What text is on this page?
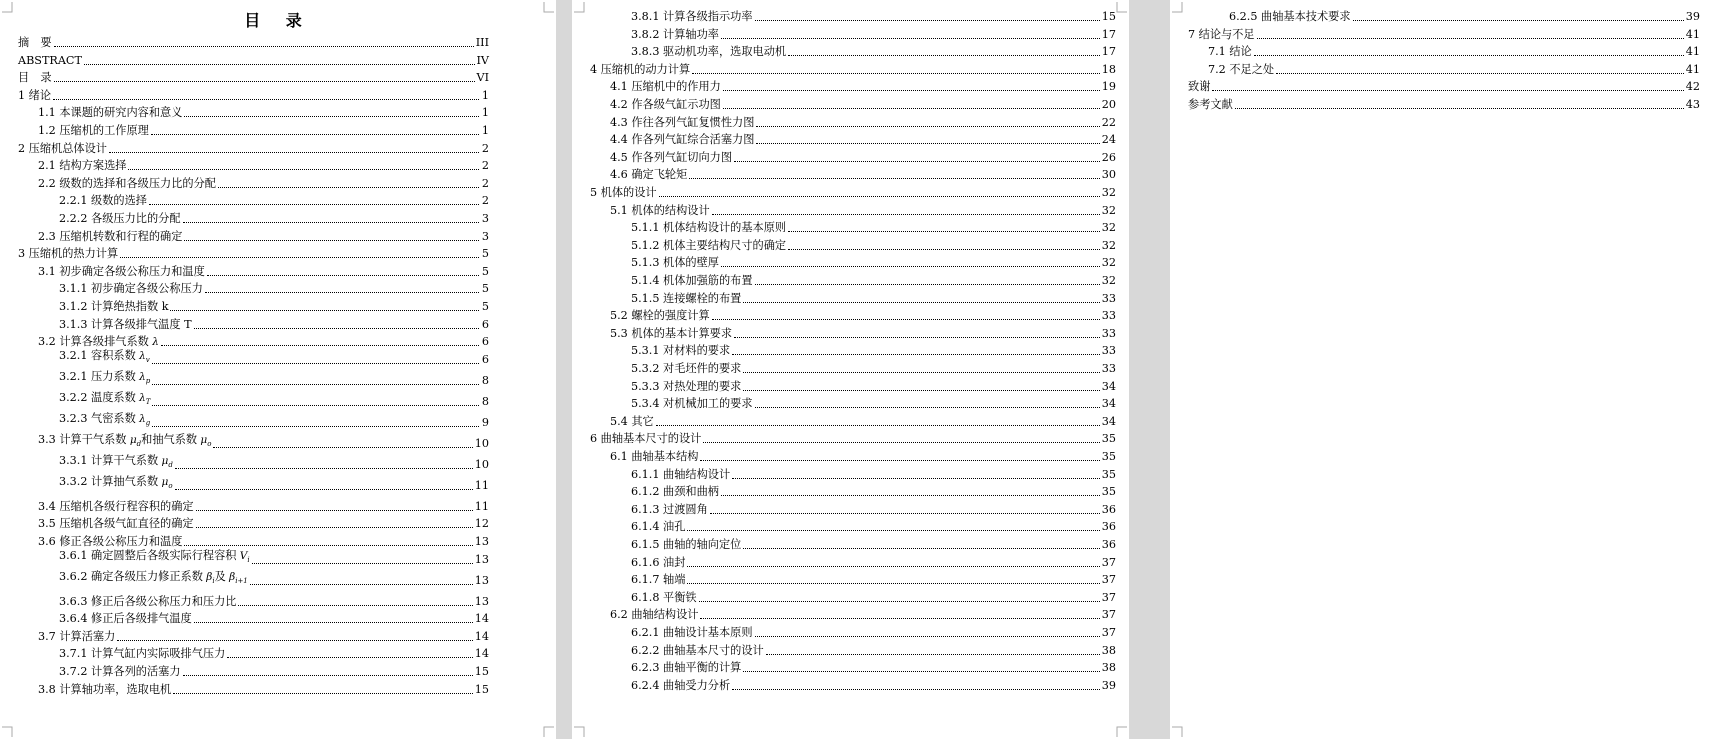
目 录
摘　要	III
ABSTRACT	IV
目　录	VI
1 绪论	1
1.1 本课题的研究内容和意义	1
1.2 压缩机的工作原理	1
2 压缩机总体设计	2
2.1 结构方案选择	2
2.2 级数的选择和各级压力比的分配	2
2.2.1 级数的选择	2
2.2.2 各级压力比的分配	3
2.3 压缩机转数和行程的确定	3
3 压缩机的热力计算	5
3.1 初步确定各级公称压力和温度	5
3.1.1 初步确定各级公称压力	5
3.1.2 计算绝热指数 k	5
3.1.3 计算各级排气温度 T	6
3.2 计算各级排气系数 λ	6
3.2.1 容积系数 $\lambda_v$	6
3.2.1 压力系数 $\lambda_p$	8
3.2.2 温度系数 $\lambda_T$	8
3.2.3 气密系数 $\lambda_g$	9
3.3 计算干气系数 $\mu_d$和抽气系数 $\mu_o$	10
3.3.1 计算干气系数 $\mu_d$	10
3.3.2 计算抽气系数 $\mu_o$	11
3.4 压缩机各级行程容积的确定	11
3.5 压缩机各级气缸直径的确定	12
3.6 修正各级公称压力和温度	13
3.6.1 确定圆整后各级实际行程容积 $V_i$	13
3.6.2 确定各级压力修正系数 $\beta_i$及 $\beta_{i+1}$	13
3.6.3 修正后各级公称压力和压力比	13
3.6.4 修正后各级排气温度	14
3.7 计算活塞力	14
3.7.1 计算气缸内实际吸排气压力	14
3.7.2 计算各列的活塞力	15
3.8 计算轴功率，选取电机	15
3.8.1 计算各级指示功率	15
3.8.2 计算轴功率	17
3.8.3 驱动机功率，选取电动机	17
4 压缩机的动力计算	18
4.1 压缩机中的作用力	19
4.2 作各级气缸示功图	20
4.3 作往各列气缸复惯性力图	22
4.4 作各列气缸综合活塞力图	24
4.5 作各列气缸切向力图	26
4.6 确定飞轮矩	30
5 机体的设计	32
5.1 机体的结构设计	32
5.1.1 机体结构设计的基本原则	32
5.1.2 机体主要结构尺寸的确定	32
5.1.3 机体的壁厚	32
5.1.4 机体加强筋的布置	32
5.1.5 连接螺栓的布置	33
5.2 螺栓的强度计算	33
5.3 机体的基本计算要求	33
5.3.1 对材料的要求	33
5.3.2 对毛坯件的要求	33
5.3.3 对热处理的要求	34
5.3.4 对机械加工的要求	34
5.4 其它	34
6 曲轴基本尺寸的设计	35
6.1 曲轴基本结构	35
6.1.1 曲轴结构设计	35
6.1.2 曲颈和曲柄	35
6.1.3 过渡圆角	36
6.1.4 油孔	36
6.1.5 曲轴的轴向定位	36
6.1.6 油封	37
6.1.7 轴端	37
6.1.8 平衡铁	37
6.2 曲轴结构设计	37
6.2.1 曲轴设计基本原则	37
6.2.2 曲轴基本尺寸的设计	38
6.2.3 曲轴平衡的计算	38
6.2.4 曲轴受力分析	39
6.2.5 曲轴基本技术要求	39
7 结论与不足	41
7.1 结论	41
7.2 不足之处	41
致谢	42
参考文献	43
